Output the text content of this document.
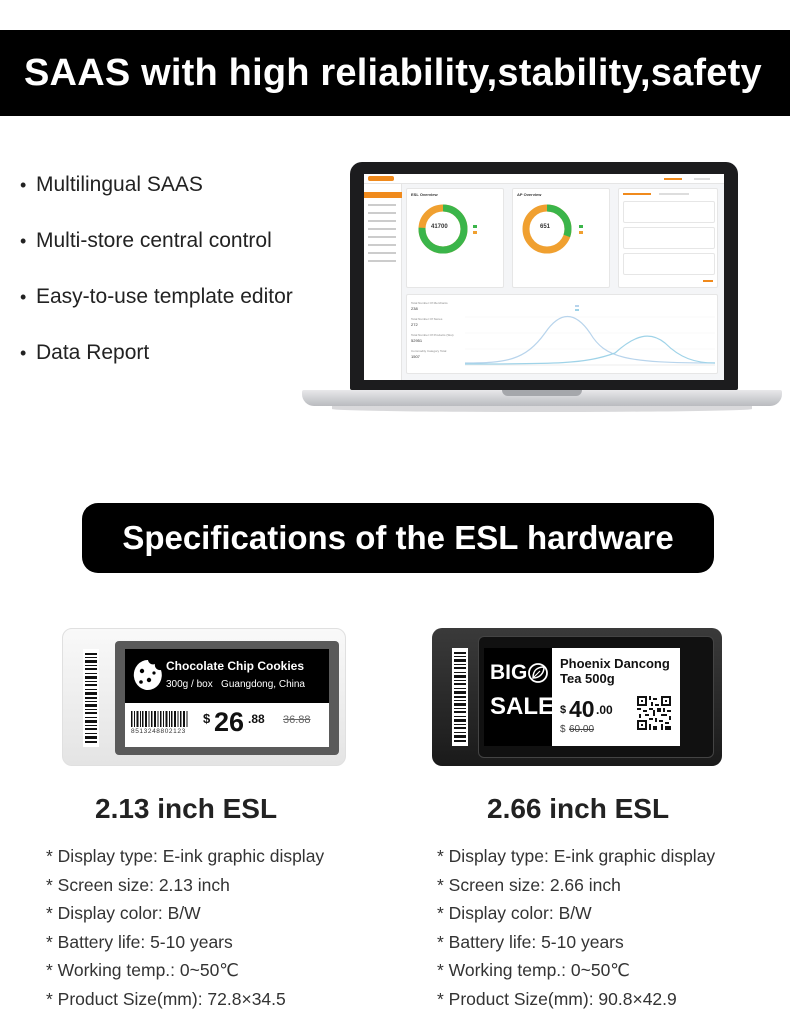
SAAS with high reliability,stability,safety
• Multilingual SAAS
• Multi-store central control
• Easy-to-use template editor
• Data Report
ESL Overview
41700
AP Overview
651
Total Number Of Merchants
238
Total Number Of Stores
272
Total Number Of Products (Sku)
52951
Commodity Category Total
1507
Specifications of the ESL hardware
Chocolate Chip Cookies
300g / box   Guangdong, China
8513248802123
$ 26 .88 36.88
BIG
SALE
Phoenix Dancong Tea 500g
$ 40 .00
$ 60.00
2.13 inch ESL	2.66 inch ESL
* Display type: E-ink graphic display
* Screen size: 2.13 inch
* Display color: B/W
* Battery life: 5-10 years
* Working temp.: 0~50℃
* Product Size(mm): 72.8×34.5
* Display type: E-ink graphic display
* Screen size: 2.66 inch
* Display color: B/W
* Battery life: 5-10 years
* Working temp.: 0~50℃
* Product Size(mm): 90.8×42.9
